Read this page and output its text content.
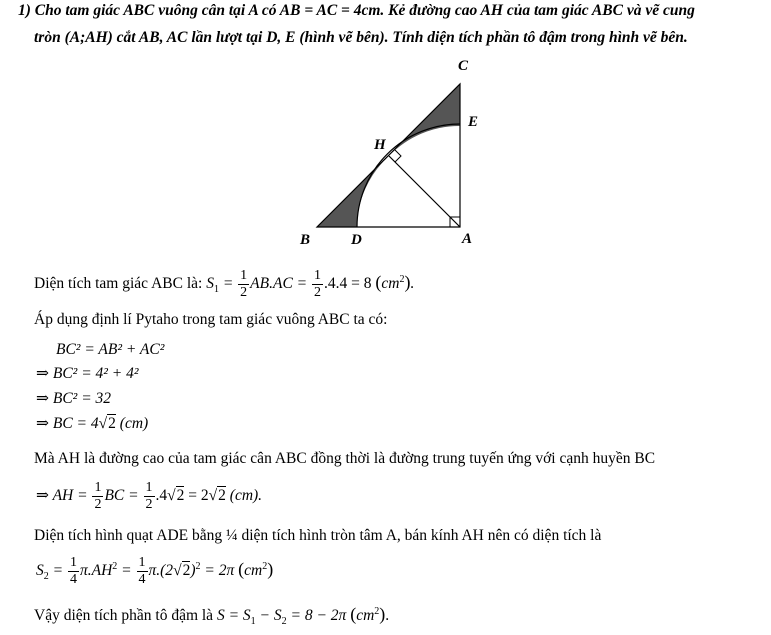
1) Cho tam giác ABC vuông cân tại A có AB = AC = 4cm. Kẻ đường cao AH của tam giác ABC và vẽ cung
tròn (A;AH) cắt AB, AC lần lượt tại D, E (hình vẽ bên). Tính diện tích phần tô đậm trong hình vẽ bên.
C
E
H
B	D	A
Diện tích tam giác ABC là: $S_1 = \frac{1}{2} AB.AC = \frac{1}{2} .4.4 = 8$ $(cm^2)$.
Áp dụng định lí Pytaho trong tam giác vuông ABC ta có:
BC² = AB² + AC²
⇒ BC² = 4² + 4²
⇒ BC² = 32
⇒ BC = 4√2 (cm)
Mà AH là đường cao của tam giác cân ABC đồng thời là đường trung tuyến ứng với cạnh huyền BC
⇒ AH = $\frac{1}{2}$ BC = $\frac{1}{2} .4√2 = 2√2$ (cm).
Diện tích hình quạt ADE bằng ¼ diện tích hình tròn tâm A, bán kính AH nên có diện tích là
$S_2 = \frac{1}{4} \pi.AH^2 = \frac{1}{4} \pi.(2√2)^2 = 2\pi$ $(cm^2)$
Vậy diện tích phần tô đậm là $S = S_1 - S_2 = 8 - 2\pi$ $(cm^2)$.
